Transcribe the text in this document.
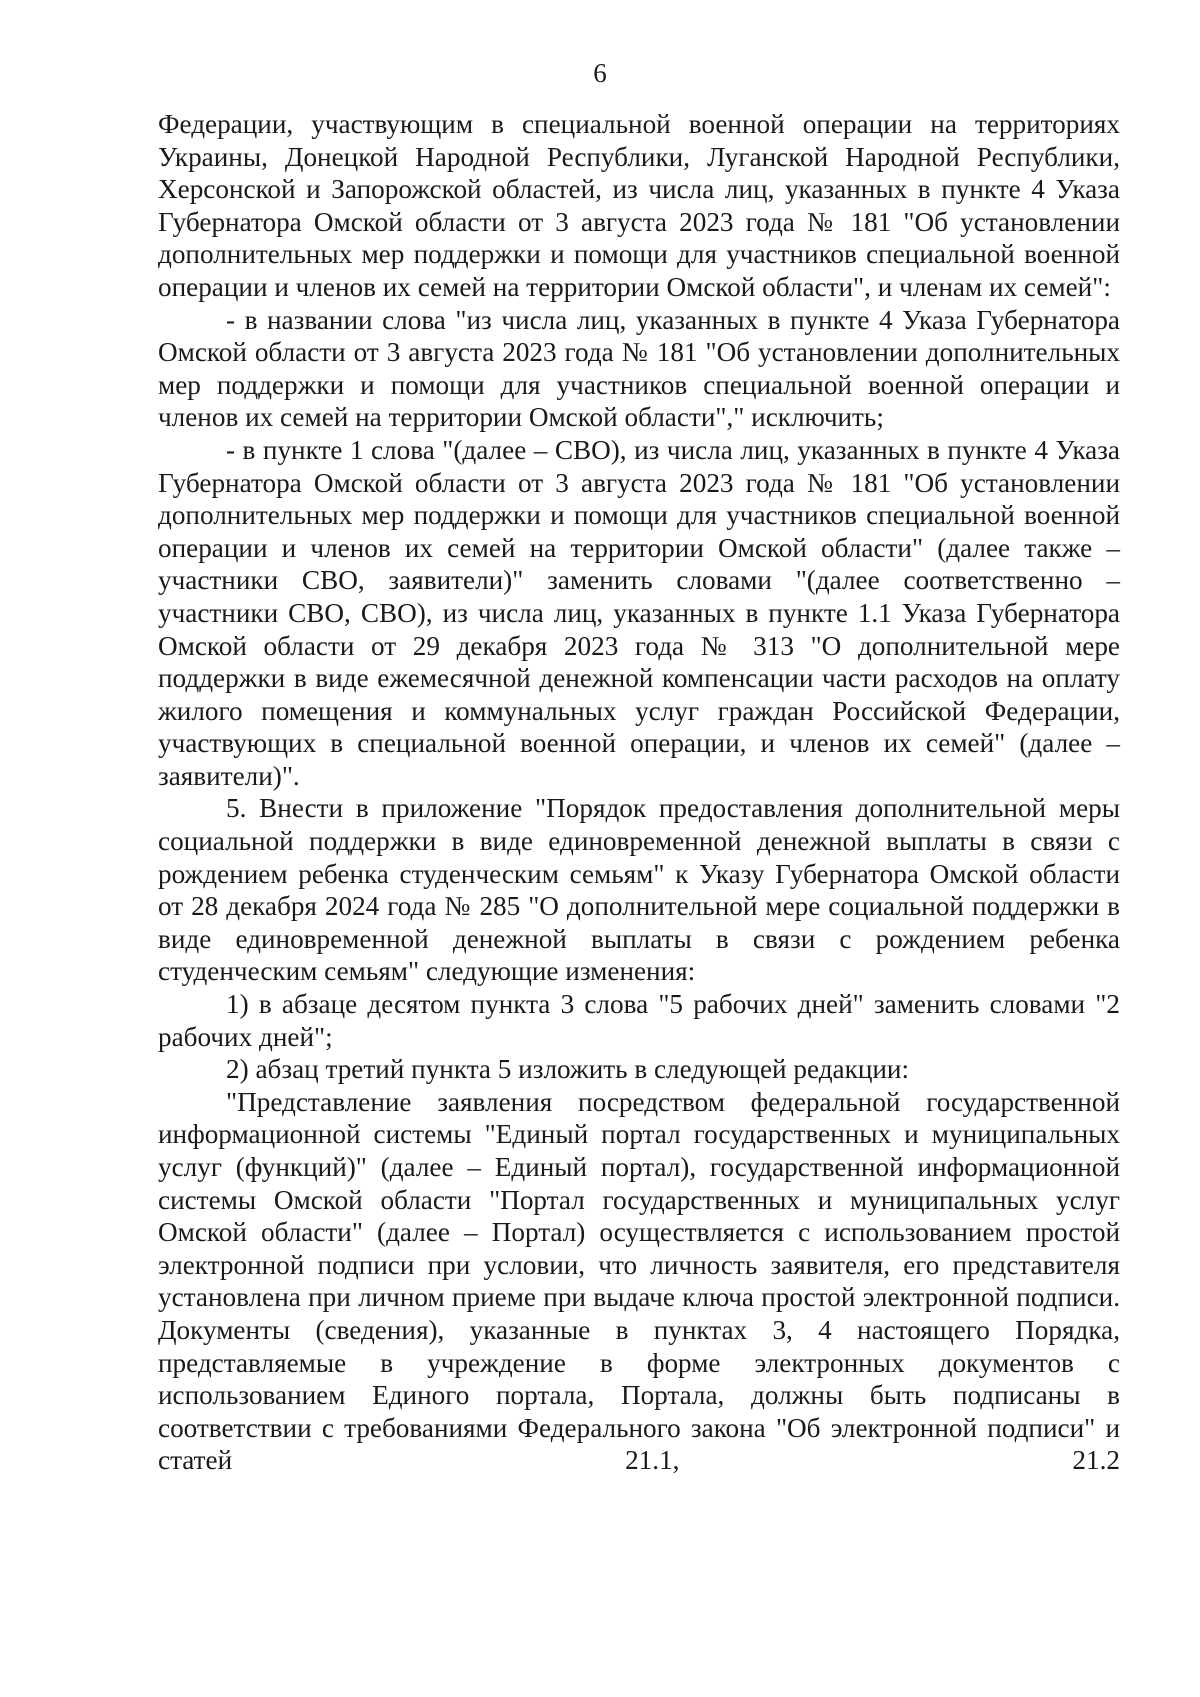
6

Федерации, участвующим в специальной военной операции на территориях Украины, Донецкой Народной Республики, Луганской Народной Республики, Херсонской и Запорожской областей, из числа лиц, указанных в пункте 4 Указа Губернатора Омской области от 3 августа 2023 года № 181 "Об установлении дополнительных мер поддержки и помощи для участников специальной военной операции и членов их семей на территории Омской области", и членам их семей":

- в названии слова "из числа лиц, указанных в пункте 4 Указа Губернатора Омской области от 3 августа 2023 года № 181 "Об установлении дополнительных мер поддержки и помощи для участников специальной военной операции и членов их семей на территории Омской области"," исключить;

- в пункте 1 слова "(далее – СВО), из числа лиц, указанных в пункте 4 Указа Губернатора Омской области от 3 августа 2023 года № 181 "Об установлении дополнительных мер поддержки и помощи для участников специальной военной операции и членов их семей на территории Омской области" (далее также – участники СВО, заявители)" заменить словами "(далее соответственно – участники СВО, СВО), из числа лиц, указанных в пункте 1.1 Указа Губернатора Омской области от 29 декабря 2023 года № 313 "О дополнительной мере поддержки в виде ежемесячной денежной компенсации части расходов на оплату жилого помещения и коммунальных услуг граждан Российской Федерации, участвующих в специальной военной операции, и членов их семей" (далее – заявители)".

5. Внести в приложение "Порядок предоставления дополнительной меры социальной поддержки в виде единовременной денежной выплаты в связи с рождением ребенка студенческим семьям" к Указу Губернатора Омской области от 28 декабря 2024 года № 285 "О дополнительной мере социальной поддержки в виде единовременной денежной выплаты в связи с рождением ребенка студенческим семьям" следующие изменения:

1) в абзаце десятом пункта 3 слова "5 рабочих дней" заменить словами "2 рабочих дней";

2) абзац третий пункта 5 изложить в следующей редакции:

"Представление заявления посредством федеральной государственной информационной системы "Единый портал государственных и муниципальных услуг (функций)" (далее – Единый портал), государственной информационной системы Омской области "Портал государственных и муниципальных услуг Омской области" (далее – Портал) осуществляется с использованием простой электронной подписи при условии, что личность заявителя, его представителя установлена при личном приеме при выдаче ключа простой электронной подписи. Документы (сведения), указанные в пунктах 3, 4 настоящего Порядка, представляемые в учреждение в форме электронных документов с использованием Единого портала, Портала, должны быть подписаны в соответствии с требованиями Федерального закона "Об электронной подписи" и статей 21.1, 21.2
